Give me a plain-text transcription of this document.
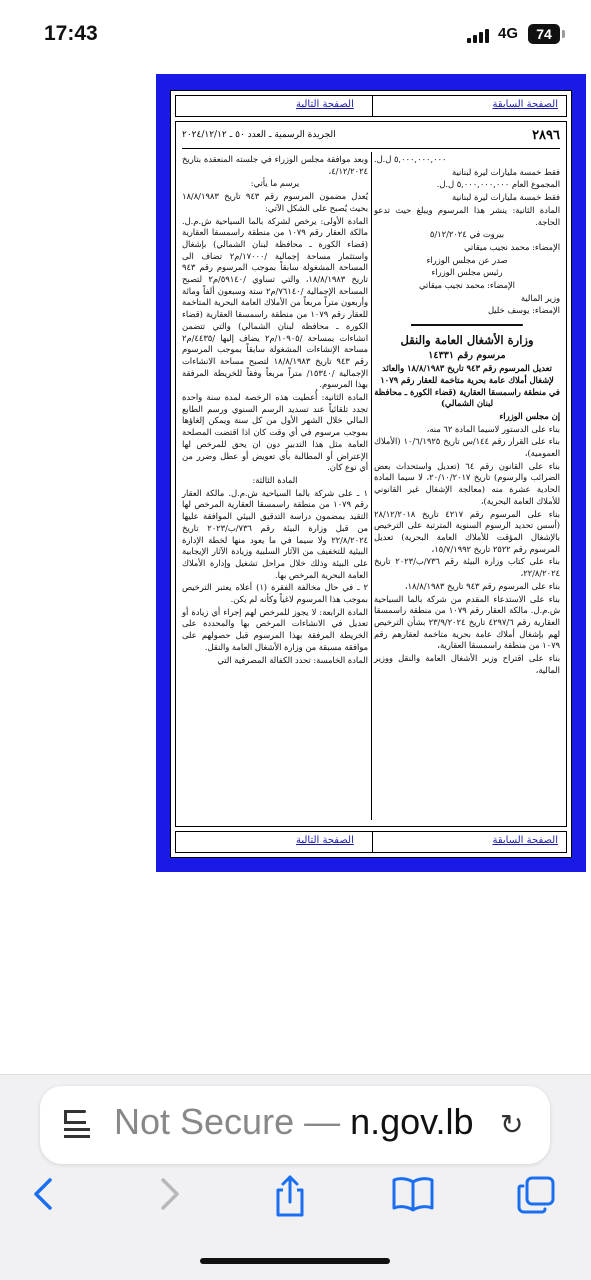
17:43	4G	74
الصفحة السابقة
الصفحة التالية
٢٨٩٦
الجريدة الرسمية ـ العدد ٥٠ ـ ٢٠٢٤/١٢/١٢

٥,٠٠٠,٠٠٠,٠٠٠ ل.ل.

فقط خمسة مليارات ليرة لبنانية

المجموع العام ٥,٠٠٠,٠٠٠,٠٠٠ ل.ل.

فقط خمسة مليارات ليرة لبنانية

المادة الثانية: ينشر هذا المرسوم ويبلغ حيث تدعو الحاجة.

بيروت في ٥/١٢/٢٠٢٤

الإمضاء: محمد نجيب ميقاتي

صدر عن مجلس الوزراء

رئيس مجلس الوزراء

الإمضاء: محمد نجيب ميقاتي

وزير المالية

الإمضاء: يوسف خليل

وزارة الأشغال العامة والنقل

مرسوم رقم ١٤٣٣١

تعديل المرسوم رقم ٩٤٣ تاريخ ١٨/٨/١٩٨٣ والعائد لإشغال أملاك عامة بحرية متاخمة للعقار رقم ١٠٧٩ في منطقة راسمسقا العقارية (قضاء الكورة ـ محافظة لبنان الشمالي)

إن مجلس الوزراء

بناء على الدستور لاسيما المادة ٦٢ منه،

بناء على القرار رقم ١٤٤/س تاريخ ١٠/٦/١٩٢٥ (الأملاك العمومية)،

بناء على القانون رقم ٦٤ (تعديل واستحداث بعض الضرائب والرسوم) تاريخ ٢٠/١٠/٢٠١٧، لا سيما المادة الحادية عشرة منه (معالجة الإشغال غير القانوني للأملاك العامة البحرية)،

بناء على المرسوم رقم ٤٢١٧ تاريخ ٢٨/١٢/٢٠١٨ (أسس تحديد الرسوم السنوية المترتبة على الترخيص بالإشغال المؤقت للأملاك العامة البحرية) تعديل المرسوم رقم ٢٥٢٢ تاريخ ١٥/٧/١٩٩٢،

بناء على كتاب وزارة البيئة رقم ٧٣٦/ب/٢٠٢٣ تاريخ ٢٢/٨/٢٠٢٤،

بناء على المرسوم رقم ٩٤٣ تاريخ ١٨/٨/١٩٨٣،

بناء على الاستدعاء المقدم من شركة بالما السياحية ش.م.ل. مالكة العقار رقم ١٠٧٩ من منطقة راسمسقا العقارية رقم ٤٢٩٧/٦ تاريخ ٢٣/٩/٢٠٢٤ بشأن الترخيص لهم بإشغال أملاك عامة بحرية متاخمة لعقارهم رقم ١٠٧٩ من منطقة راسمسقا العقارية،

بناء على اقتراح وزير الأشغال العامة والنقل ووزير المالية،

وبعد موافقة مجلس الوزراء في جلسته المنعقدة بتاريخ ٤/١٢/٢٠٢٤،

يرسم ما يأتي:

يُعدل مضمون المرسوم رقم ٩٤٣ تاريخ ١٨/٨/١٩٨٣ بحيث يُصبح على الشكل الآتي:

المادة الأولى: يرخص لشركة بالما السياحية ش.م.ل. مالكة العقار رقم ١٠٧٩ من منطقة راسمسقا العقارية (قضاء الكورة ـ محافظة لبنان الشمالي) بإشغال واستثمار مساحة إجمالية /١٧٠٠٠/م٢ تضاف الى المساحة المشغولة سابقاً بموجب المرسوم رقم ٩٤٣ تاريخ ١٨/٨/١٩٨٣، والتي تساوي /٥٩١٤٠/م٢ لتصبح المساحة الإجمالية /٧٦١٤٠/م٢ ستة وسبعون ألفاً ومائة وأربعون متراً مربعاً من الأملاك العامة البحرية المتاخمة للعقار رقم ١٠٧٩ من منطقة راسمسقا العقارية (قضاء الكورة ـ محافظة لبنان الشمالي) والتي تتضمن انشاءات بمساحة /١٠٩٠٥/م٢ يضاف إليها /٤٤٣٥/م٢ مساحة الإنشاءات المشغولة سابقاً بموجب المرسوم رقم ٩٤٣ تاريخ ١٨/٨/١٩٨٣ لتصبح مساحة الانشاءات الإجمالية /١٥٣٤٠/ متراً مربعاً وفقاً للخريطة المرفقة بهذا المرسوم.

المادة الثانية: أُعطيت هذه الرخصة لمدة سنة واحدة تجدد تلقائياً عند تسديد الرسم السنوي ورسم الطابع المالي خلال الشهر الأول من كل سنة ويمكن إلغاؤها بموجب مرسوم في أي وقت كان اذا اقتضت المصلحة العامة مثل هذا التدبير دون ان يحق للمرخص لها الإعتراض أو المطالبة بأي تعويض أو عطل وضرر من أي نوع كان.

المادة الثالثة:

١ ـ على شركة بالما السياحية ش.م.ل. مالكة العقار رقم ١٠٧٩ من منطقة راسمسقا العقارية المرخص لها التقيد بمضمون دراسة التدقيق البيئي الموافقة عليها من قبل وزارة البيئة رقم ٧٣٦/ب/٢٠٢٣ تاريخ ٢٢/٨/٢٠٢٤ ولا سيما في ما يعود منها لخطة الإدارة البيئية للتخفيف من الآثار السلبية وزيادة الآثار الإيجابية على البيئة وذلك خلال مراحل تشغيل وإدارة الأملاك العامة البحرية المرخص بها.

٢ ـ في حال مخالفة الفقرة (١) أعلاه يعتبر الترخيص بموجب هذا المرسوم لاغياً وكأنه لم يكن.

المادة الرابعة: لا يجوز للمرخص لهم إجراء أي زيادة أو تعديل في الانشاءات المرخص بها والمحددة على الخريطة المرفقة بهذا المرسوم قبل حصولهم على موافقة مسبقة من وزارة الأشغال العامة والنقل.

المادة الخامسة: تحدد الكفالة المصرفية التي

الصفحة السابقة
الصفحة التالية
Not Secure — n.gov.lb ↻
